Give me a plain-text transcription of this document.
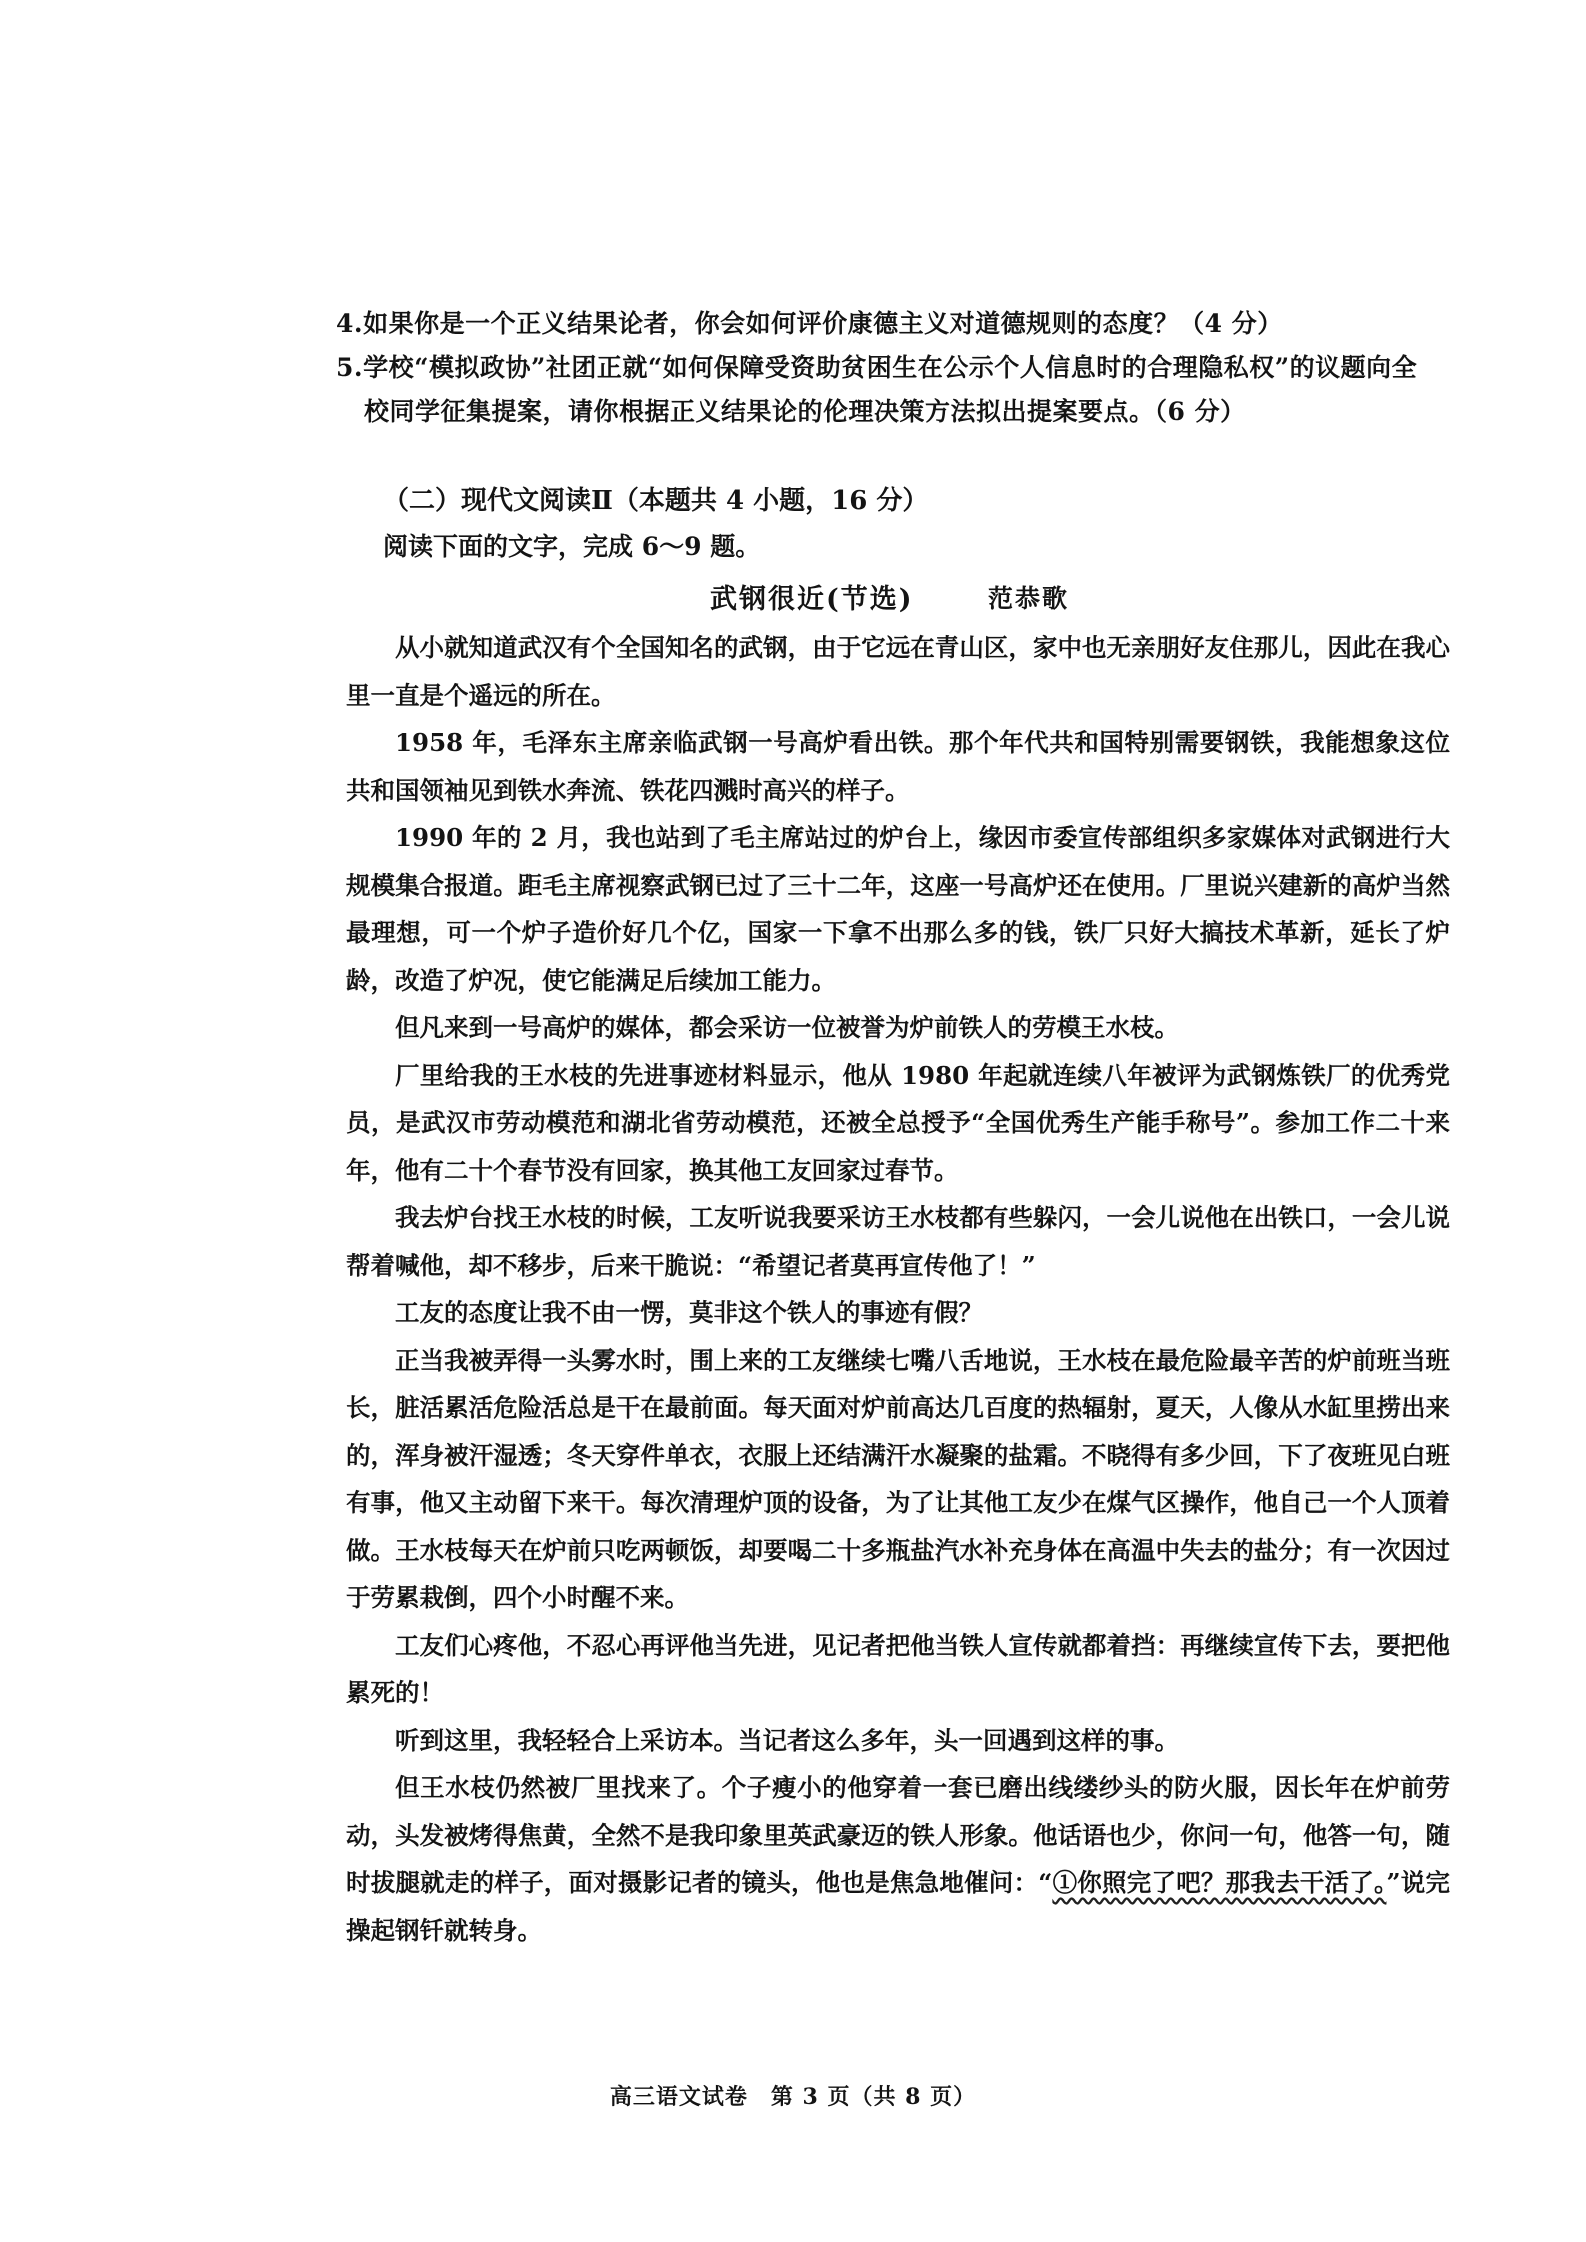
4.如果你是一个正义结果论者，你会如何评价康德主义对道德规则的态度？（4 分）
5.学校“模拟政协”社团正就“如何保障受资助贫困生在公示个人信息时的合理隐私权”的议题向全
校同学征集提案，请你根据正义结果论的伦理决策方法拟出提案要点。（6 分）
（二）现代文阅读Ⅱ（本题共 4 小题，16 分）
阅读下面的文字，完成 6～9 题。
武钢很近(节选)	范恭歌

从小就知道武汉有个全国知名的武钢，由于它远在青山区，家中也无亲朋好友住那儿，因此在我心里一直是个遥远的所在。

1958 年，毛泽东主席亲临武钢一号高炉看出铁。那个年代共和国特别需要钢铁，我能想象这位共和国领袖见到铁水奔流、铁花四溅时高兴的样子。

1990 年的 2 月，我也站到了毛主席站过的炉台上，缘因市委宣传部组织多家媒体对武钢进行大规模集合报道。距毛主席视察武钢已过了三十二年，这座一号高炉还在使用。厂里说兴建新的高炉当然最理想，可一个炉子造价好几个亿，国家一下拿不出那么多的钱，铁厂只好大搞技术革新，延长了炉龄，改造了炉况，使它能满足后续加工能力。

但凡来到一号高炉的媒体，都会采访一位被誉为炉前铁人的劳模王水枝。

厂里给我的王水枝的先进事迹材料显示，他从 1980 年起就连续八年被评为武钢炼铁厂的优秀党员，是武汉市劳动模范和湖北省劳动模范，还被全总授予“全国优秀生产能手称号”。参加工作二十来年，他有二十个春节没有回家，换其他工友回家过春节。

我去炉台找王水枝的时候，工友听说我要采访王水枝都有些躲闪，一会儿说他在出铁口，一会儿说帮着喊他，却不移步，后来干脆说：“希望记者莫再宣传他了！”

工友的态度让我不由一愣，莫非这个铁人的事迹有假？

正当我被弄得一头雾水时，围上来的工友继续七嘴八舌地说，王水枝在最危险最辛苦的炉前班当班长，脏活累活危险活总是干在最前面。每天面对炉前高达几百度的热辐射，夏天，人像从水缸里捞出来的，浑身被汗湿透；冬天穿件单衣，衣服上还结满汗水凝聚的盐霜。不晓得有多少回，下了夜班见白班有事，他又主动留下来干。每次清理炉顶的设备，为了让其他工友少在煤气区操作，他自己一个人顶着做。王水枝每天在炉前只吃两顿饭，却要喝二十多瓶盐汽水补充身体在高温中失去的盐分；有一次因过于劳累栽倒，四个小时醒不来。

工友们心疼他，不忍心再评他当先进，见记者把他当铁人宣传就都着挡：再继续宣传下去，要把他累死的！

听到这里，我轻轻合上采访本。当记者这么多年，头一回遇到这样的事。

但王水枝仍然被厂里找来了。个子瘦小的他穿着一套已磨出线缕纱头的防火服，因长年在炉前劳动，头发被烤得焦黄，全然不是我印象里英武豪迈的铁人形象。他话语也少，你问一句，他答一句，随时拔腿就走的样子，面对摄影记者的镜头，他也是焦急地催问：“①你照完了吧？那我去干活了。”说完操起钢钎就转身。

高三语文试卷　第 3 页（共 8 页）
